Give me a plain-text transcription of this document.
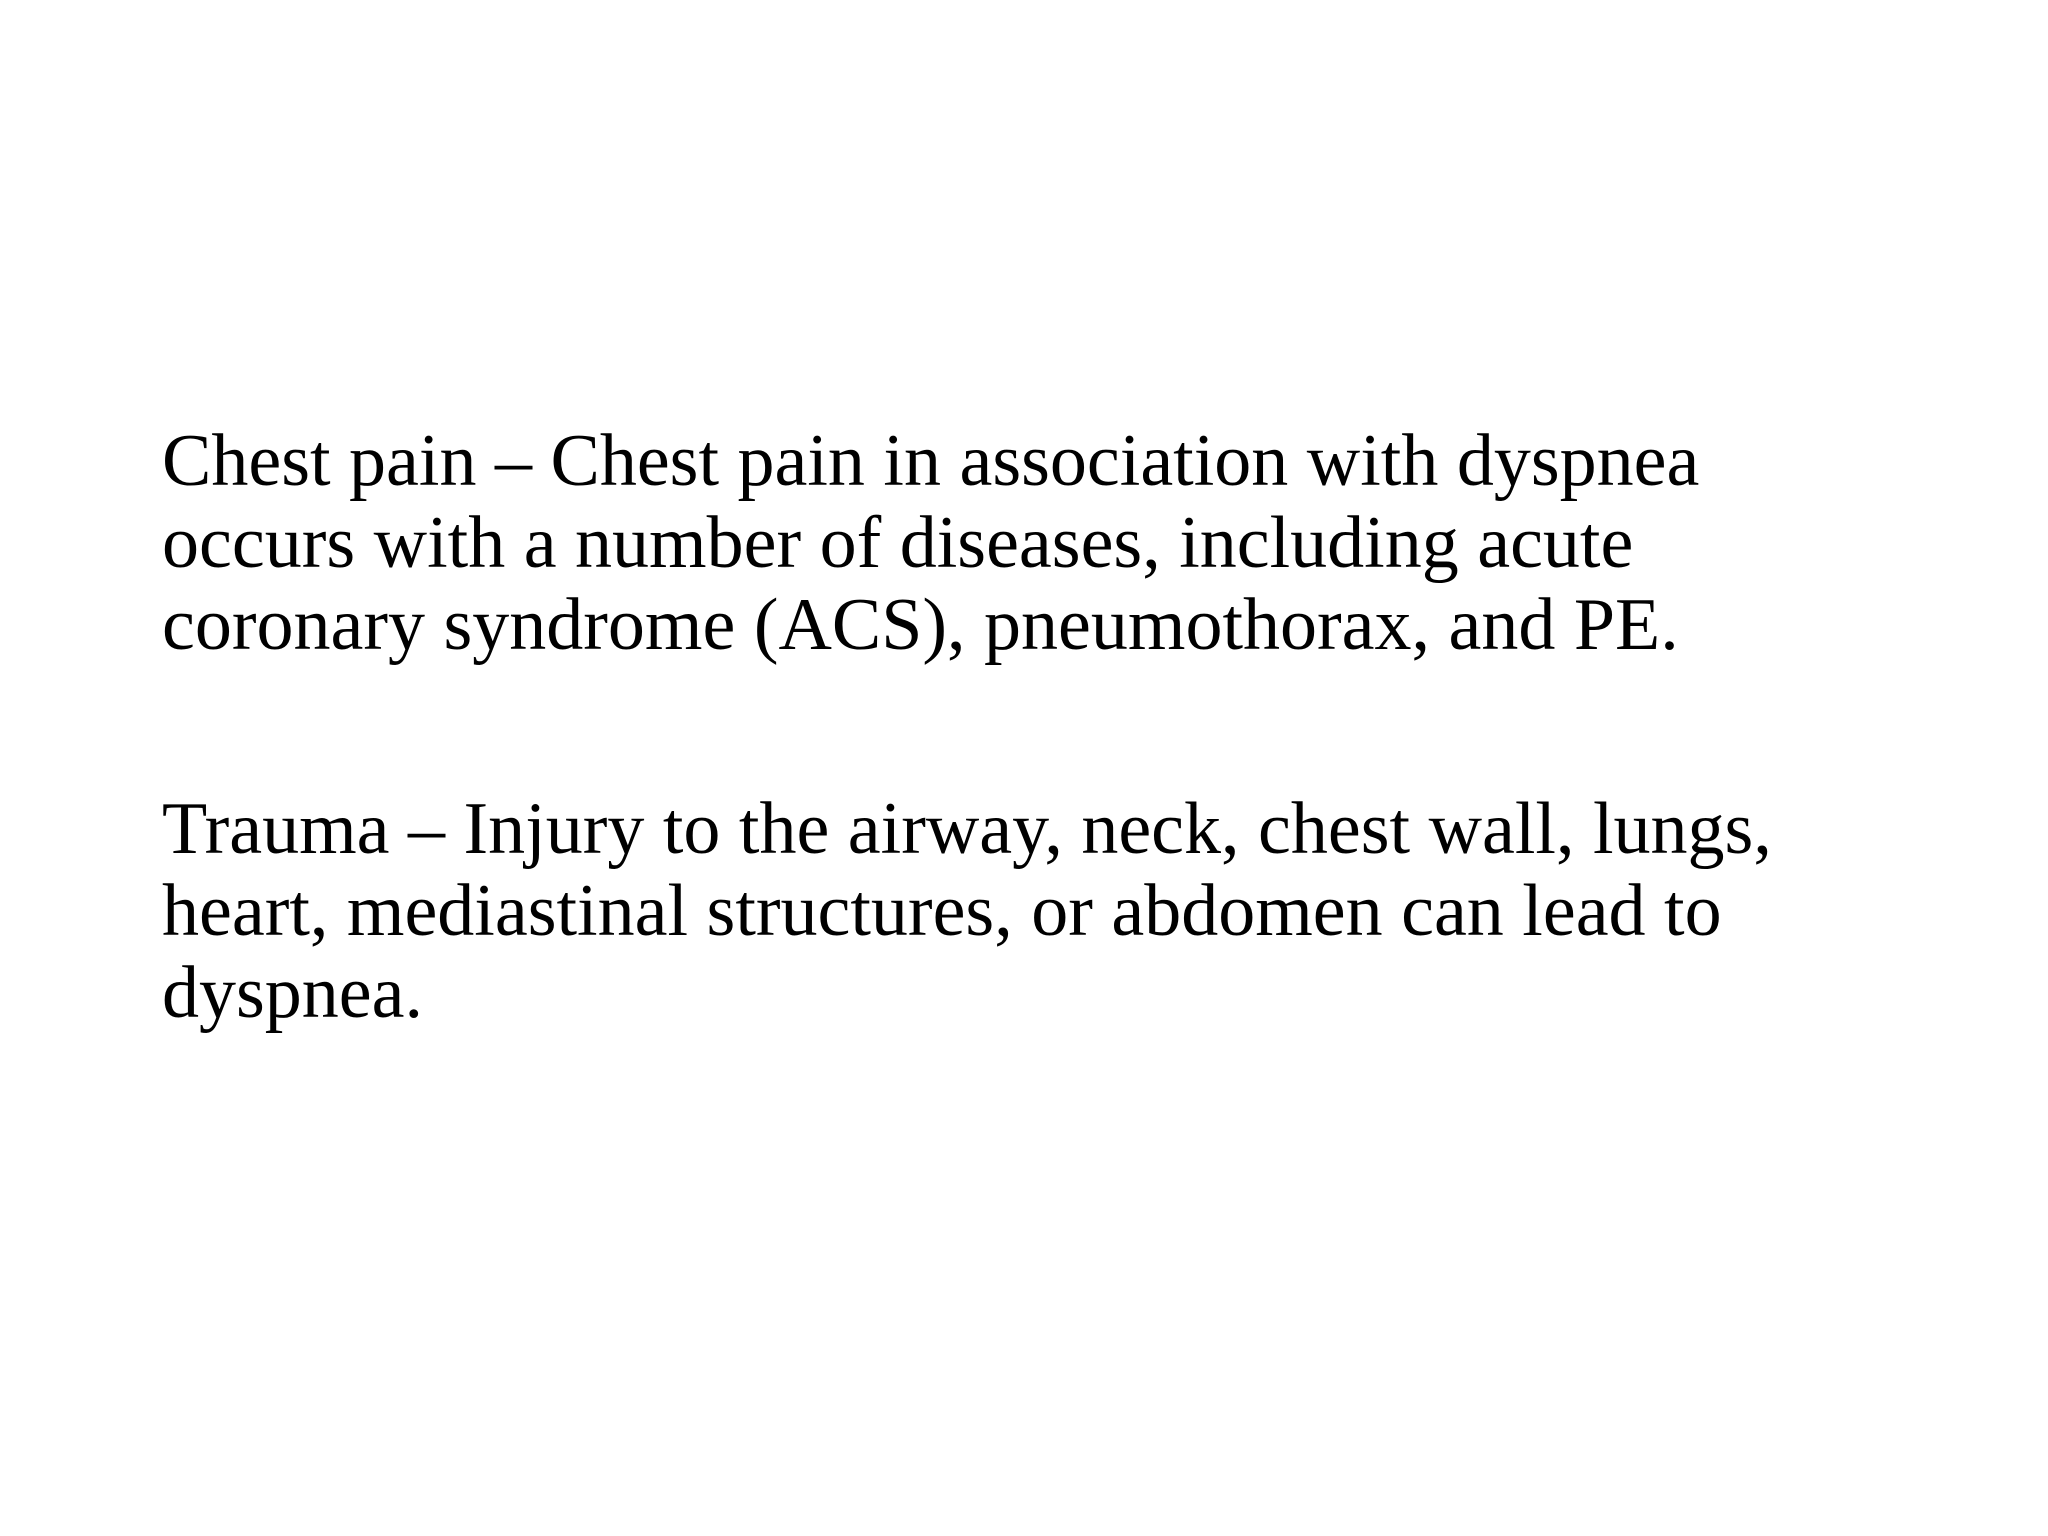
Chest pain – Chest pain in association with dyspnea
occurs with a number of diseases, including acute
coronary syndrome (ACS), pneumothorax, and PE.

Trauma – Injury to the airway, neck, chest wall, lungs,
heart, mediastinal structures, or abdomen can lead to
dyspnea.
